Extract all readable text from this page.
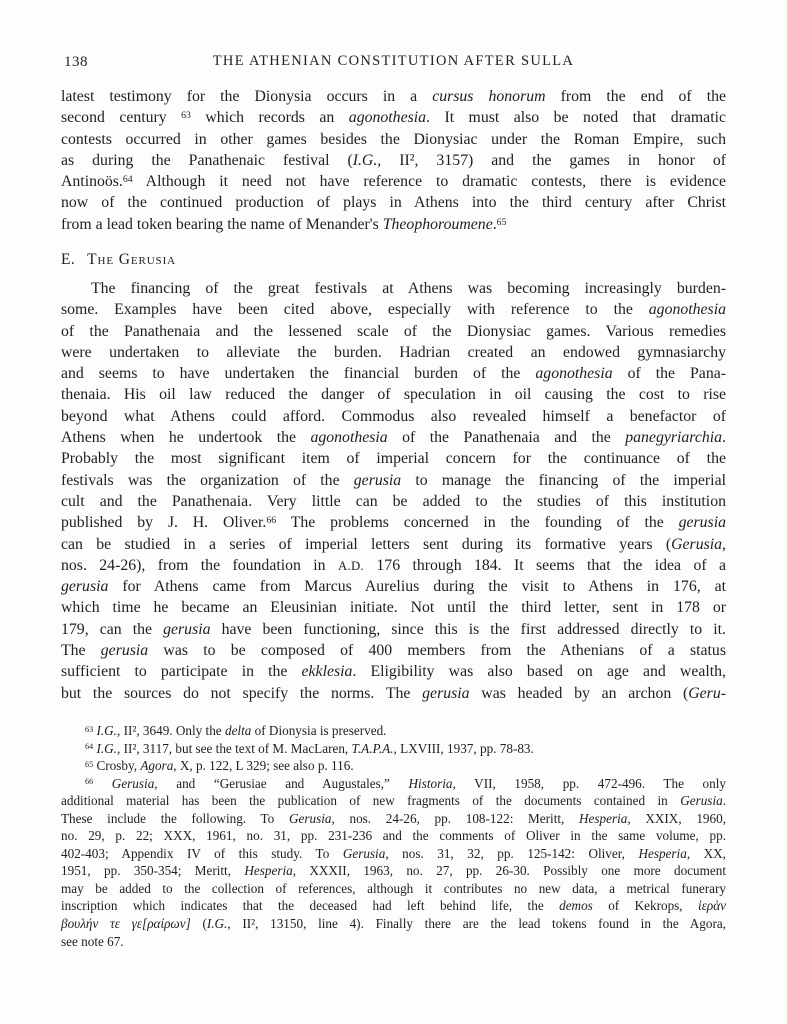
138	THE ATHENIAN CONSTITUTION AFTER SULLA
latest testimony for the Dionysia occurs in a cursus honorum from the end of the
second century $^{63}$ which records an agonothesia. It must also be noted that dramatic
contests occurred in other games besides the Dionysiac under the Roman Empire, such
as during the Panathenaic festival (I.G., II², 3157) and the games in honor of
Antinoös.$^{64}$ Although it need not have reference to dramatic contests, there is evidence
now of the continued production of plays in Athens into the third century after Christ
from a lead token bearing the name of Menander's Theophoroumene.$^{65}$
E. The Gerusia
The financing of the great festivals at Athens was becoming increasingly burden-
some. Examples have been cited above, especially with reference to the agonothesia
of the Panathenaia and the lessened scale of the Dionysiac games. Various remedies
were undertaken to alleviate the burden. Hadrian created an endowed gymnasiarchy
and seems to have undertaken the financial burden of the agonothesia of the Pana-
thenaia. His oil law reduced the danger of speculation in oil causing the cost to rise
beyond what Athens could afford. Commodus also revealed himself a benefactor of
Athens when he undertook the agonothesia of the Panathenaia and the panegyriarchia.
Probably the most significant item of imperial concern for the continuance of the
festivals was the organization of the gerusia to manage the financing of the imperial
cult and the Panathenaia. Very little can be added to the studies of this institution
published by J. H. Oliver.$^{66}$ The problems concerned in the founding of the gerusia
can be studied in a series of imperial letters sent during its formative years (Gerusia,
nos. 24-26), from the foundation in A.D. 176 through 184. It seems that the idea of a
gerusia for Athens came from Marcus Aurelius during the visit to Athens in 176, at
which time he became an Eleusinian initiate. Not until the third letter, sent in 178 or
179, can the gerusia have been functioning, since this is the first addressed directly to it.
The gerusia was to be composed of 400 members from the Athenians of a status
sufficient to participate in the ekklesia. Eligibility was also based on age and wealth,
but the sources do not specify the norms. The gerusia was headed by an archon (Geru-
$^{63}$ I.G., II², 3649. Only the delta of Dionysia is preserved.
$^{64}$ I.G., II², 3117, but see the text of M. MacLaren, T.A.P.A., LXVIII, 1937, pp. 78-83.
$^{65}$ Crosby, Agora, X, p. 122, L 329; see also p. 116.
$^{66}$ Gerusia, and “Gerusiae and Augustales,” Historia, VII, 1958, pp. 472-496. The only
additional material has been the publication of new fragments of the documents contained in Gerusia.
These include the following. To Gerusia, nos. 24-26, pp. 108-122: Meritt, Hesperia, XXIX, 1960,
no. 29, p. 22; XXX, 1961, no. 31, pp. 231-236 and the comments of Oliver in the same volume, pp.
402-403; Appendix IV of this study. To Gerusia, nos. 31, 32, pp. 125-142: Oliver, Hesperia, XX,
1951, pp. 350-354; Meritt, Hesperia, XXXII, 1963, no. 27, pp. 26-30. Possibly one more document
may be added to the collection of references, although it contributes no new data, a metrical funerary
inscription which indicates that the deceased had left behind life, the demos of Kekrops, ἱερὰν
βουλήν τε γε[ραίρων] (I.G., II², 13150, line 4). Finally there are the lead tokens found in the Agora,
see note 67.
